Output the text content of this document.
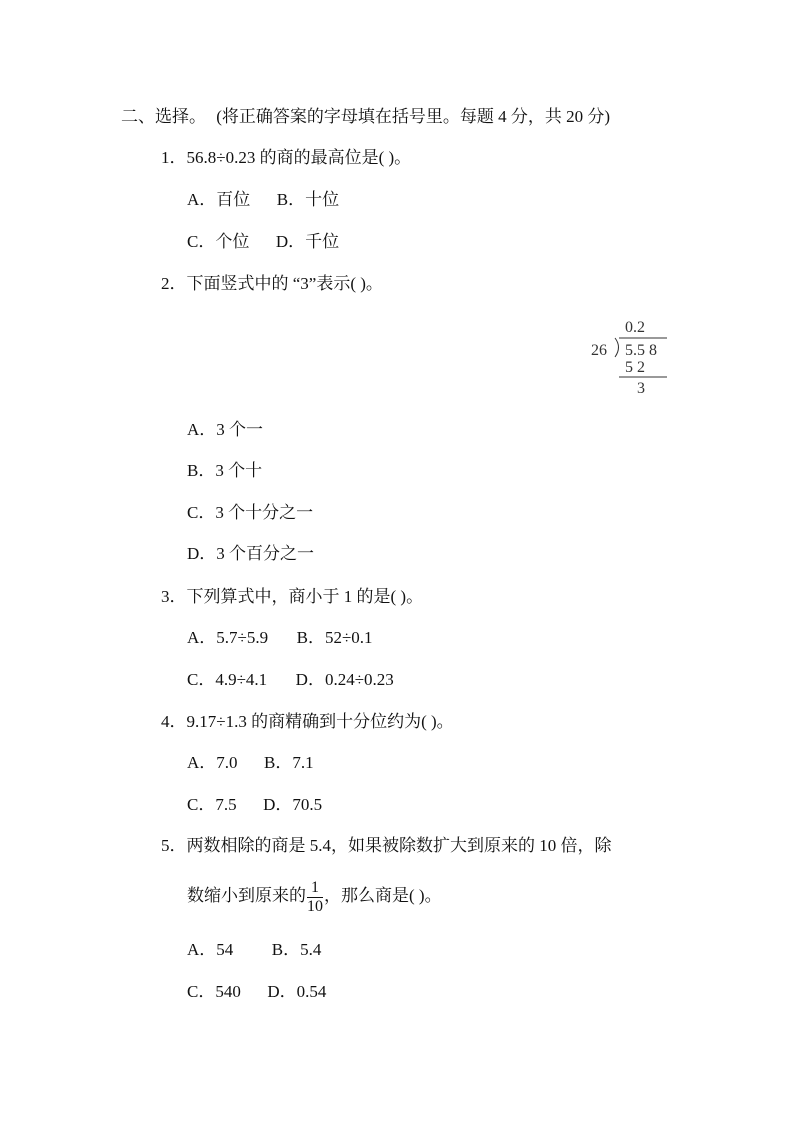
二、选择。 (将正确答案的字母填在括号里。每题 4 分，共 20 分)
1．56.8÷0.23 的商的最高位是( )。
A．百位 B．十位
C．个位 D．千位
2．下面竖式中的 “3”表示( )。
0.2
26 5.5 8
5 2
3
A．3 个一
B．3 个十
C．3 个十分之一
D．3 个百分之一
3．下列算式中，商小于 1 的是( )。
A．5.7÷5.9 B．52÷0.1
C．4.9÷4.1 D．0.24÷0.23
4．9.17÷1.3 的商精确到十分位约为( )。
A．7.0 B．7.1
C．7.5 D．70.5
5．两数相除的商是 5.4，如果被除数扩大到原来的 10 倍，除
数缩小到原来的 $\frac{1}{10}$ ，那么商是( )。
A．54 B．5.4
C．540 D．0.54
